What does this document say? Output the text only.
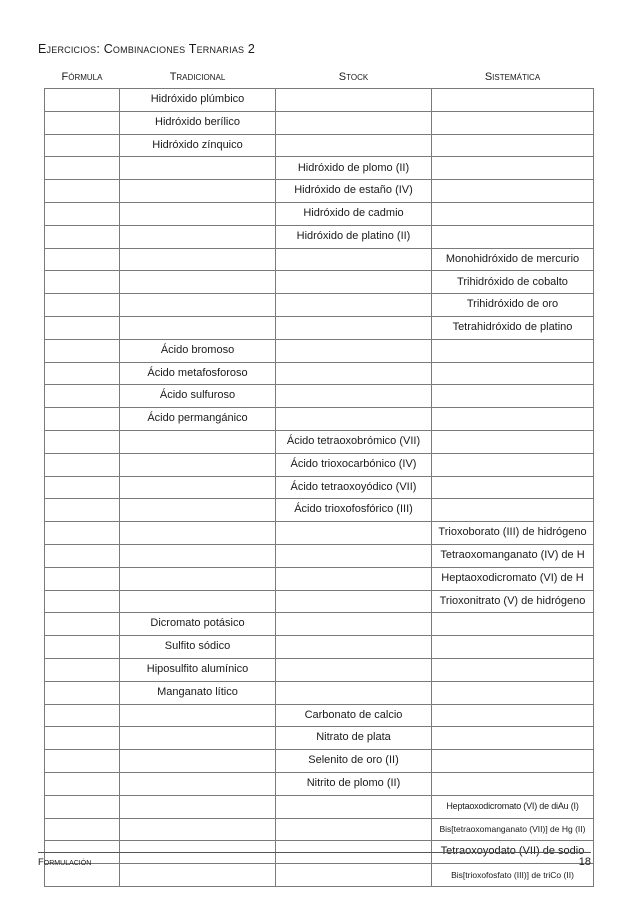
Ejercicios: Combinaciones Ternarias 2
Fórmula	Tradicional	Stock	Sistemática
	Hidróxido plúmbico		
	Hidróxido berílico		
	Hidróxido zínquico		
		Hidróxido de plomo (II)	
		Hidróxido de estaño (IV)	
		Hidróxido de cadmio	
		Hidróxido de platino (II)	
			Monohidróxido de mercurio
			Trihidróxido de cobalto
			Trihidróxido de oro
			Tetrahidróxido de platino
	Ácido bromoso		
	Ácido metafosforoso		
	Ácido sulfuroso		
	Ácido permangánico		
		Ácido tetraoxobrómico (VII)	
		Ácido trioxocarbónico (IV)	
		Ácido tetraoxoyódico (VII)	
		Ácido trioxofosfórico (III)	
			Trioxoborato (III) de hidrógeno
			Tetraoxomanganato (IV) de H
			Heptaoxodicromato (VI) de H
			Trioxonitrato (V) de hidrógeno
	Dicromato potásico		
	Sulfito sódico		
	Hiposulfito alumínico		
	Manganato lítico		
		Carbonato de calcio	
		Nitrato de plata	
		Selenito de oro (II)	
		Nitrito de plomo (II)	
			Heptaoxodicromato (VI) de diAu (I)
			Bis[tetraoxomanganato (VII)] de Hg (II)
			Tetraoxoyodato (VII) de sodio
			Bis[trioxofosfato (III)] de triCo (II)
Formulación	18
